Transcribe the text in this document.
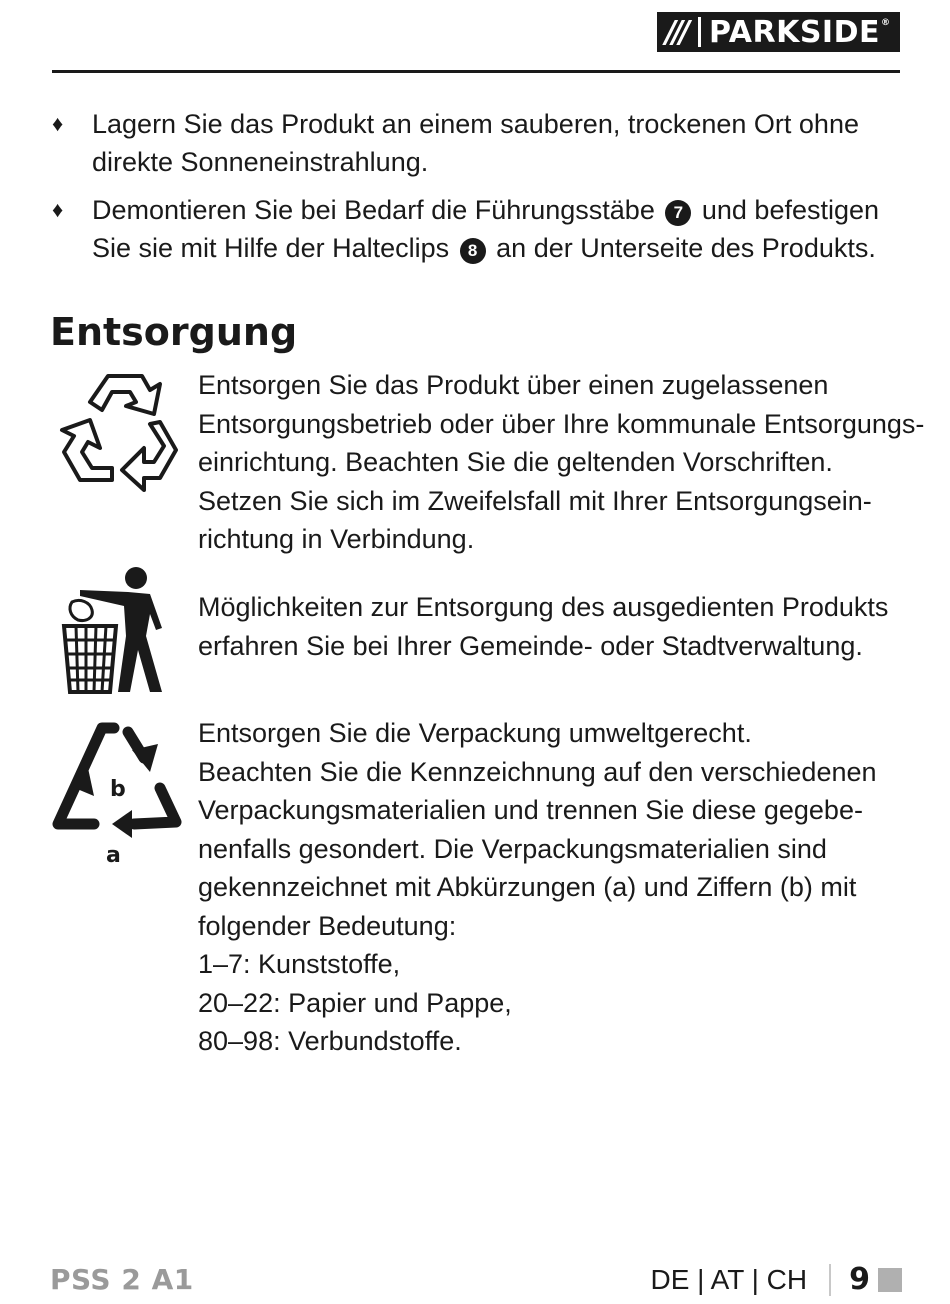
/// PARKSIDE ®
♦	Lagern Sie das Produkt an einem sauberen, trockenen Ort ohne direkte Sonneneinstrahlung.
♦	Demontieren Sie bei Bedarf die Führungsstäbe 7 und befestigen Sie sie mit Hilfe der Halteclips 8 an der Unterseite des Produkts.
Entsorgung
Entsorgen Sie das Produkt über einen zugelassenen
Entsorgungsbetrieb oder über Ihre kommunale Entsorgungs-
einrichtung. Beachten Sie die geltenden Vorschriften.
Setzen Sie sich im Zweifelsfall mit Ihrer Entsorgungsein-
richtung in Verbindung.
Möglichkeiten zur Entsorgung des ausgedienten Produkts
erfahren Sie bei Ihrer Gemeinde- oder Stadtverwaltung.
b
a
Entsorgen Sie die Verpackung umweltgerecht.
Beachten Sie die Kennzeichnung auf den verschiedenen
Verpackungsmaterialien und trennen Sie diese gegebe-
nenfalls gesondert. Die Verpackungsmaterialien sind
gekennzeichnet mit Abkürzungen (a) und Ziffern (b) mit
folgender Bedeutung:
1–7: Kunststoffe,
20–22: Papier und Pappe,
80–98: Verbundstoffe.
PSS 2 A1	DE | AT | CH 9
